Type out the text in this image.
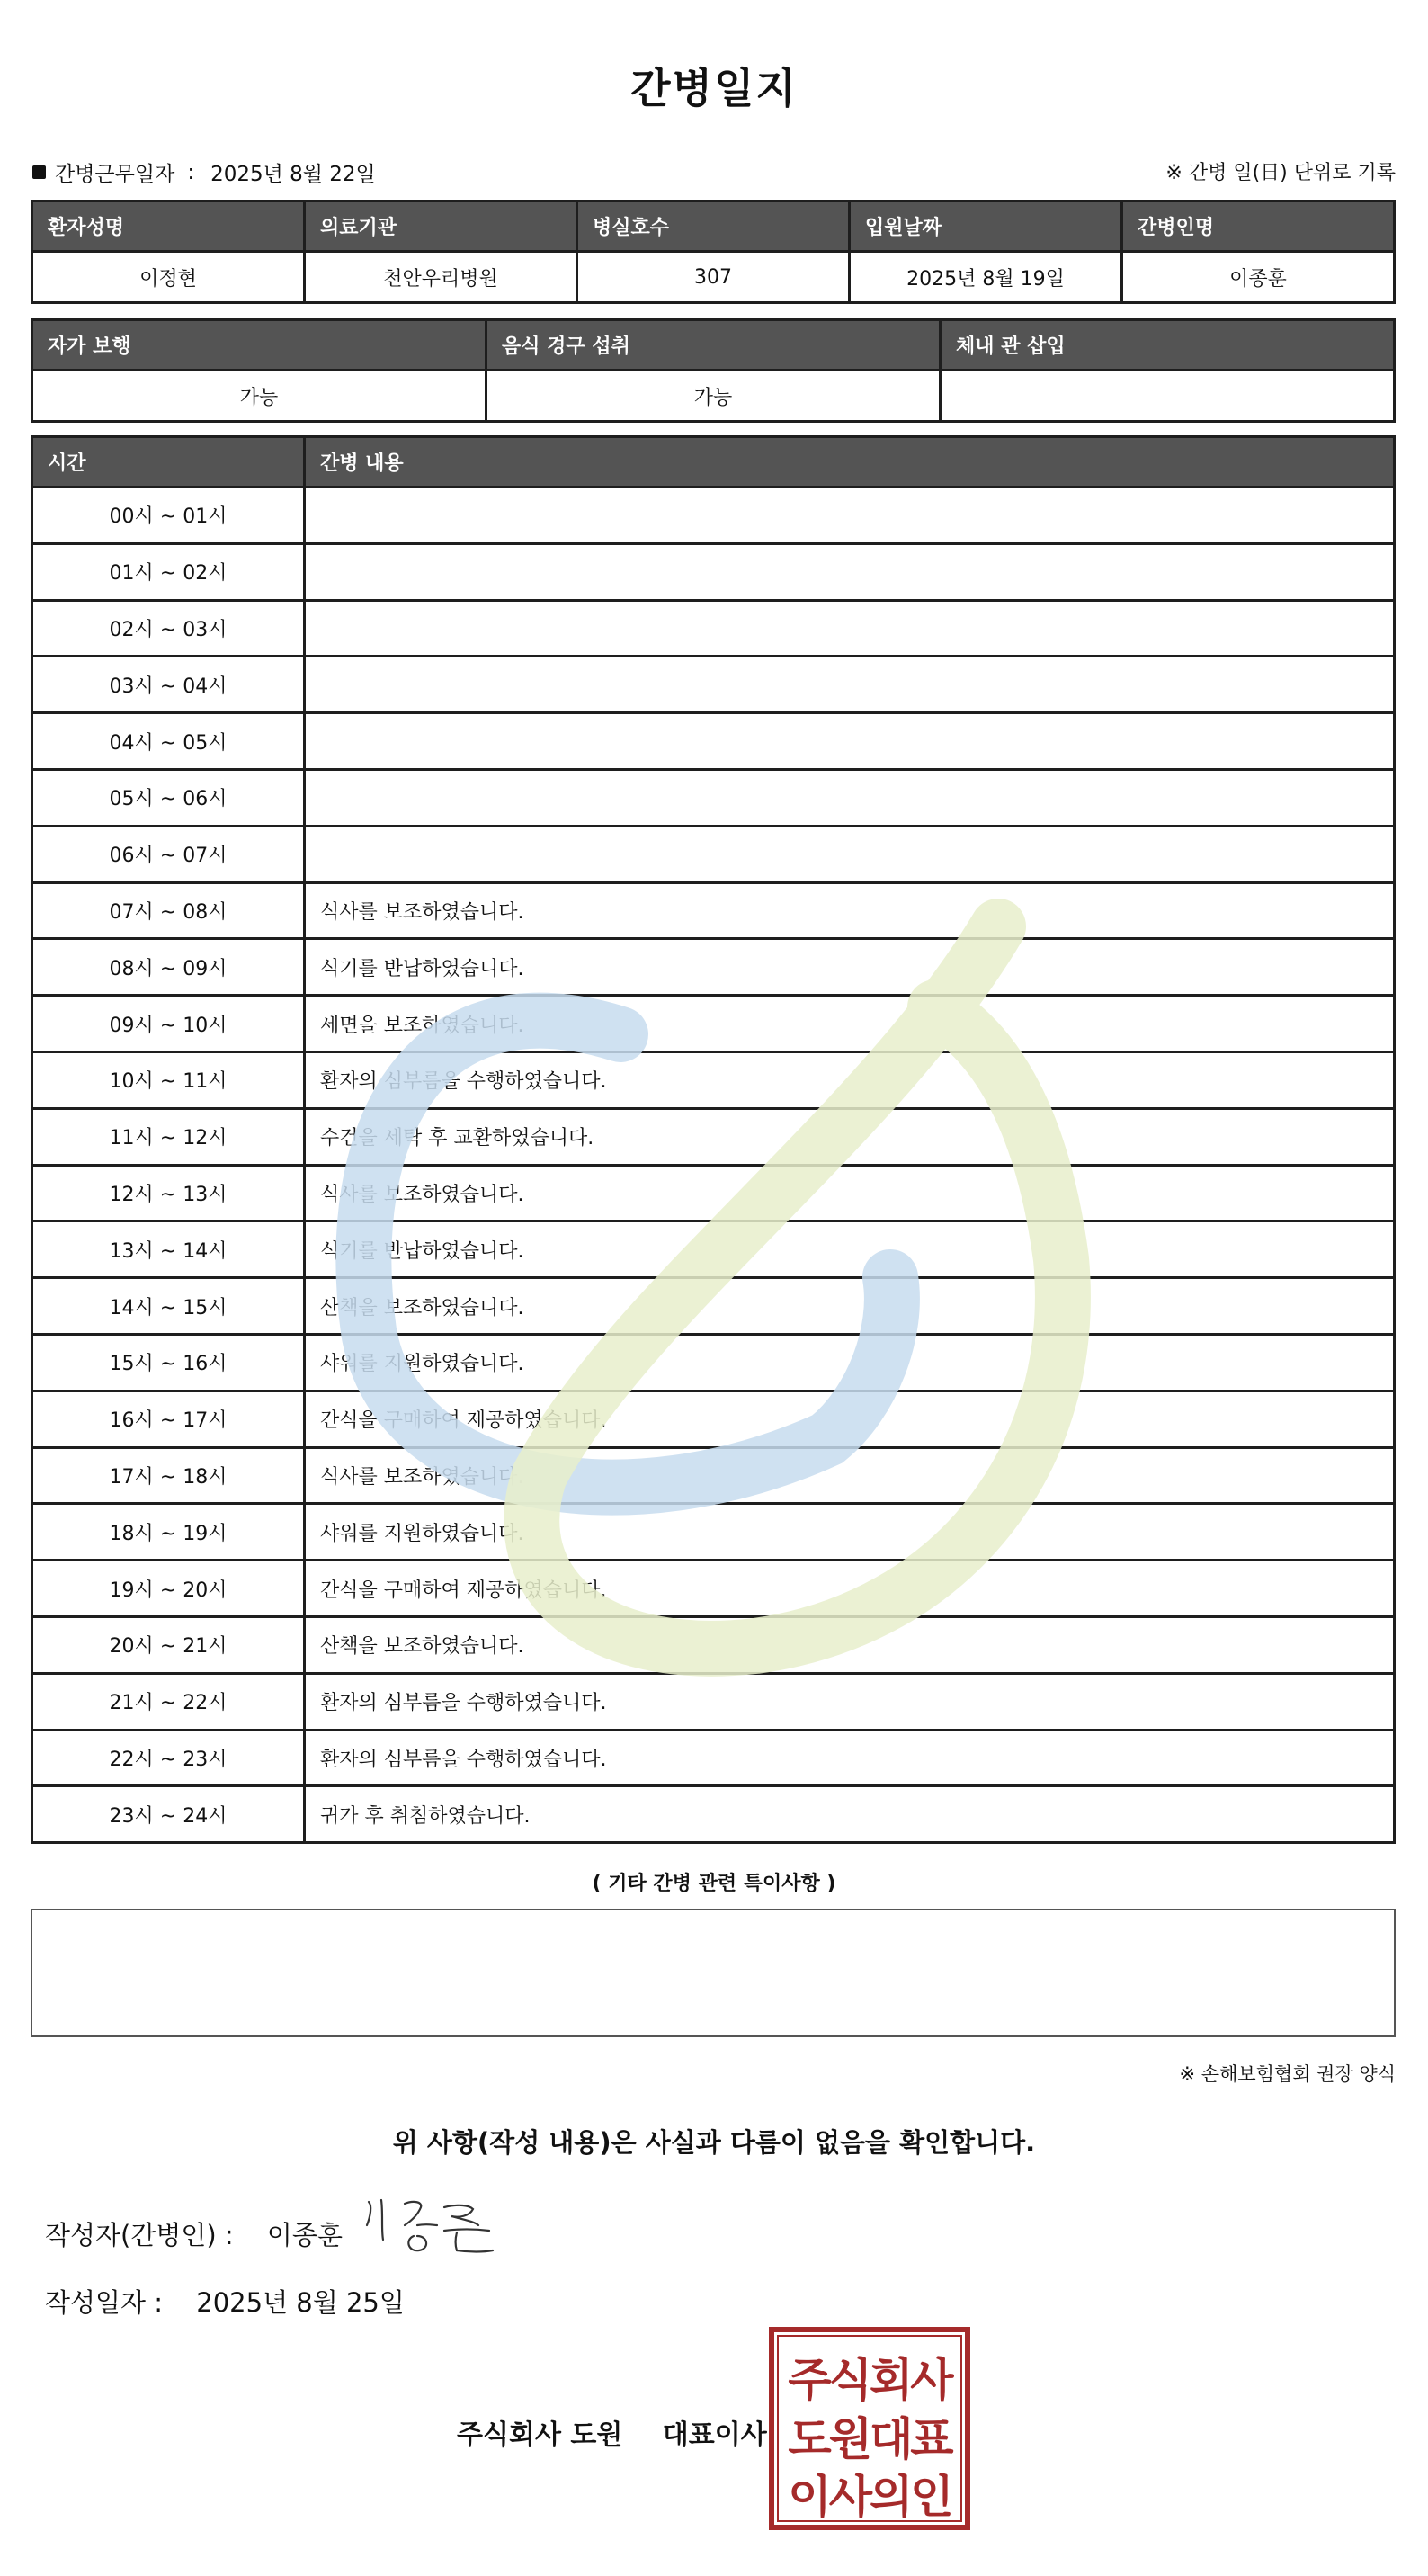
간병일지
간병근무일자 : 2025년 8월 22일	※ 간병 일(日) 단위로 기록
환자성명	의료기관	병실호수	입원날짜	간병인명
이정현	천안우리병원	307	2025년 8월 19일	이종훈
자가 보행	음식 경구 섭취	체내 관 삽입
가능	가능	
시간	간병 내용
00시 ~ 01시	
01시 ~ 02시	
02시 ~ 03시	
03시 ~ 04시	
04시 ~ 05시	
05시 ~ 06시	
06시 ~ 07시	
07시 ~ 08시	식사를 보조하였습니다.
08시 ~ 09시	식기를 반납하였습니다.
09시 ~ 10시	세면을 보조하였습니다.
10시 ~ 11시	환자의 심부름을 수행하였습니다.
11시 ~ 12시	수건을 세탁 후 교환하였습니다.
12시 ~ 13시	식사를 보조하였습니다.
13시 ~ 14시	식기를 반납하였습니다.
14시 ~ 15시	산책을 보조하였습니다.
15시 ~ 16시	샤워를 지원하였습니다.
16시 ~ 17시	간식을 구매하여 제공하였습니다.
17시 ~ 18시	식사를 보조하였습니다.
18시 ~ 19시	샤워를 지원하였습니다.
19시 ~ 20시	간식을 구매하여 제공하였습니다.
20시 ~ 21시	산책을 보조하였습니다.
21시 ~ 22시	환자의 심부름을 수행하였습니다.
22시 ~ 23시	환자의 심부름을 수행하였습니다.
23시 ~ 24시	귀가 후 취침하였습니다.
( 기타 간병 관련 특이사항 )
※ 손해보험협회 권장 양식
위 사항(작성 내용)은 사실과 다름이 없음을 확인합니다.
작성자(간병인) : 이종훈
작성일자 : 2025년 8월 25일
주식회사 도원 대표이사
주식회사
도원대표
이사의인
